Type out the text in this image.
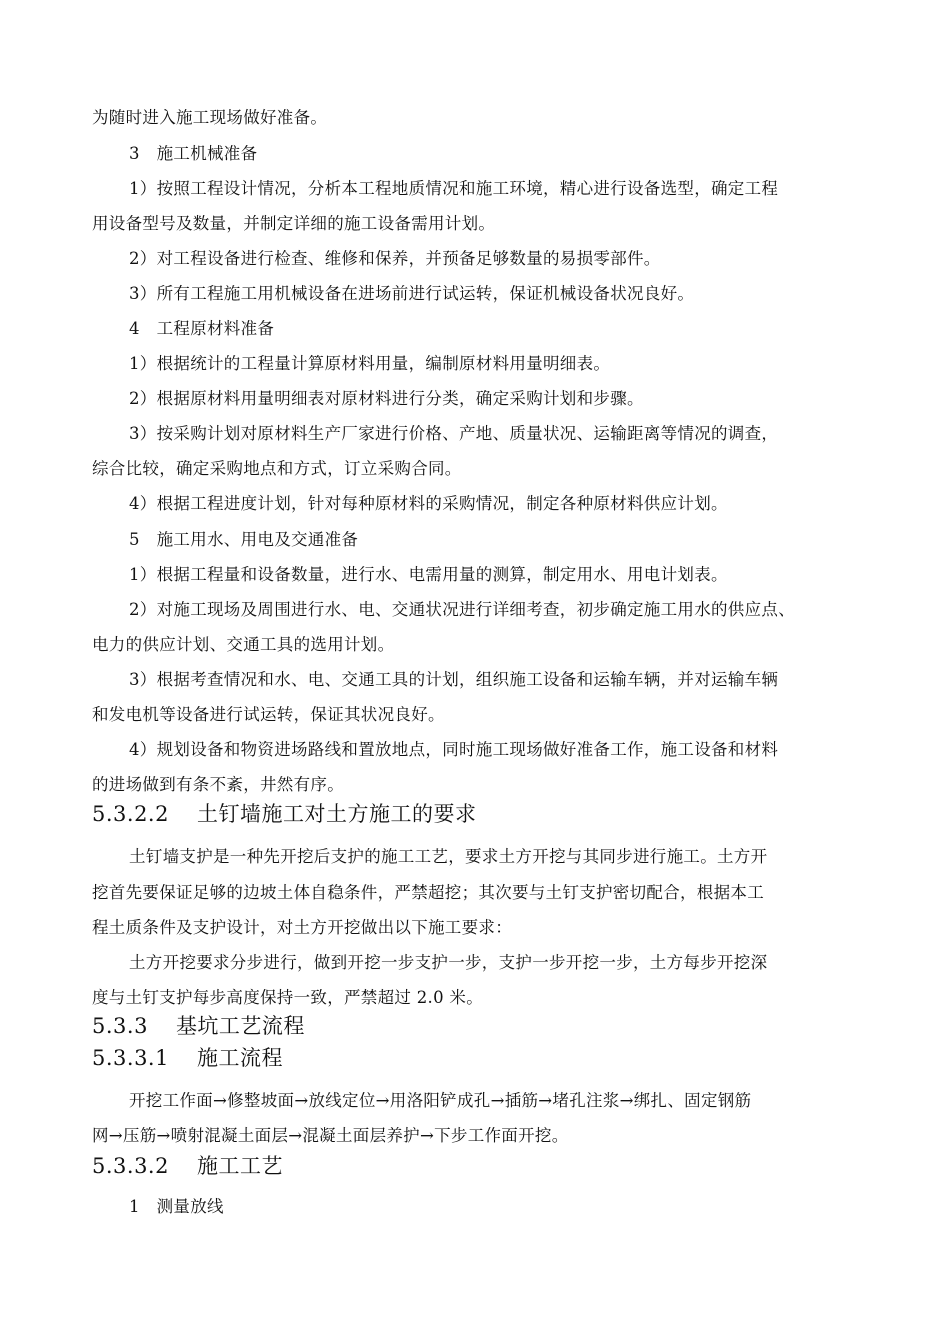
为随时进入施工现场做好准备。
3　施工机械准备
1）按照工程设计情况，分析本工程地质情况和施工环境，精心进行设备选型，确定工程
用设备型号及数量，并制定详细的施工设备需用计划。
2）对工程设备进行检查、维修和保养，并预备足够数量的易损零部件。
3）所有工程施工用机械设备在进场前进行试运转，保证机械设备状况良好。
4　工程原材料准备
1）根据统计的工程量计算原材料用量，编制原材料用量明细表。
2）根据原材料用量明细表对原材料进行分类，确定采购计划和步骤。
3）按采购计划对原材料生产厂家进行价格、产地、质量状况、运输距离等情况的调查，
综合比较，确定采购地点和方式，订立采购合同。
4）根据工程进度计划，针对每种原材料的采购情况，制定各种原材料供应计划。
5　施工用水、用电及交通准备
1）根据工程量和设备数量，进行水、电需用量的测算，制定用水、用电计划表。
2）对施工现场及周围进行水、电、交通状况进行详细考查，初步确定施工用水的供应点、
电力的供应计划、交通工具的选用计划。
3）根据考查情况和水、电、交通工具的计划，组织施工设备和运输车辆，并对运输车辆
和发电机等设备进行试运转，保证其状况良好。
4）规划设备和物资进场路线和置放地点，同时施工现场做好准备工作，施工设备和材料
的进场做到有条不紊，井然有序。
5.3.2.2 土钉墙施工对土方施工的要求
土钉墙支护是一种先开挖后支护的施工工艺，要求土方开挖与其同步进行施工。土方开
挖首先要保证足够的边坡土体自稳条件，严禁超挖；其次要与土钉支护密切配合，根据本工
程土质条件及支护设计，对土方开挖做出以下施工要求：
土方开挖要求分步进行，做到开挖一步支护一步，支护一步开挖一步，土方每步开挖深
度与土钉支护每步高度保持一致，严禁超过 2.0 米。
5.3.3 基坑工艺流程
5.3.3.1 施工流程
开挖工作面→修整坡面→放线定位→用洛阳铲成孔→插筋→堵孔注浆→绑扎、固定钢筋
网→压筋→喷射混凝土面层→混凝土面层养护→下步工作面开挖。
5.3.3.2 施工工艺
1　测量放线
